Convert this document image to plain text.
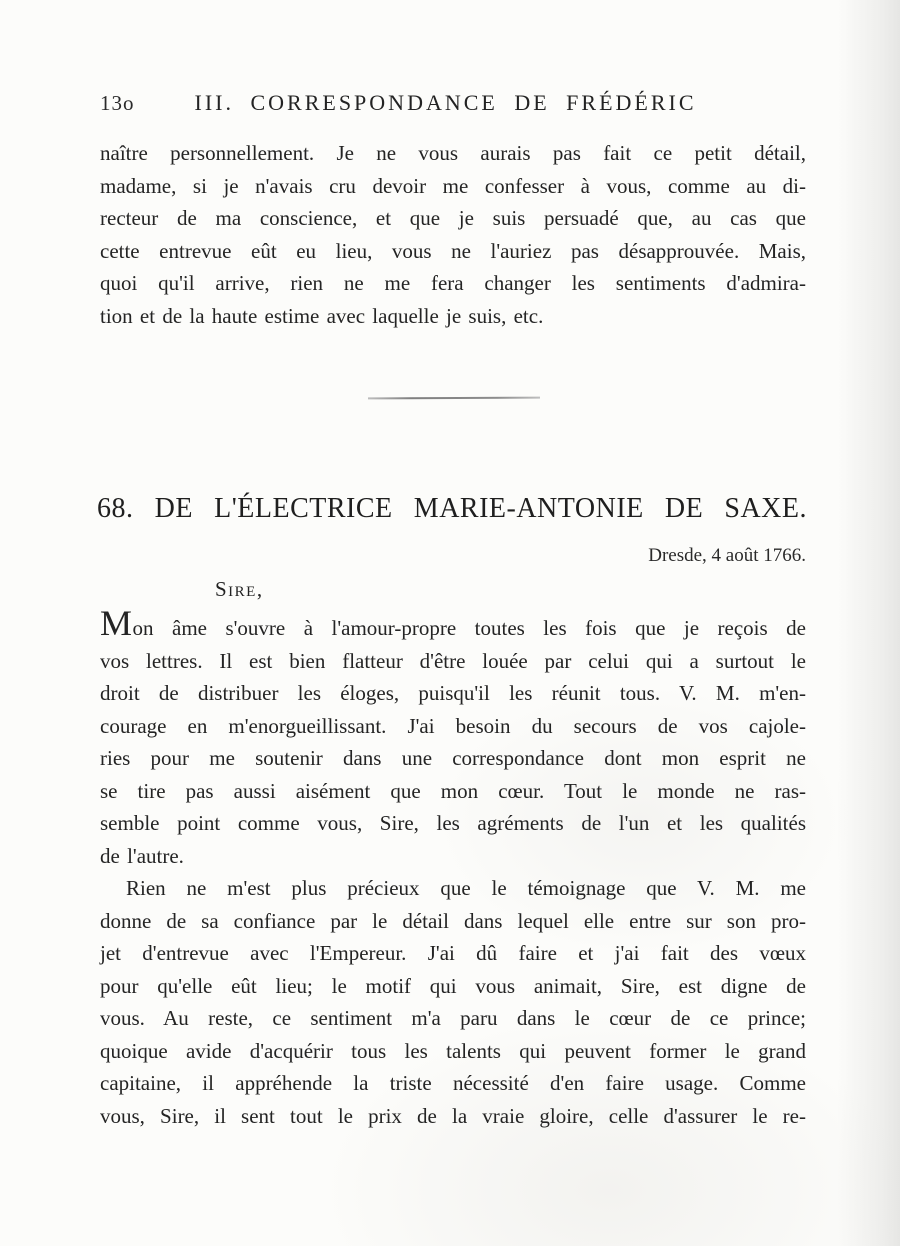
13o	III. CORRESPONDANCE DE FRÉDÉRIC
naître personnellement. Je ne vous aurais pas fait ce petit détail,
madame, si je n'avais cru devoir me confesser à vous, comme au di-
recteur de ma conscience, et que je suis persuadé que, au cas que
cette entrevue eût eu lieu, vous ne l'auriez pas désapprouvée. Mais,
quoi qu'il arrive, rien ne me fera changer les sentiments d'admira-
tion et de la haute estime avec laquelle je suis, etc.
68. DE L'ÉLECTRICE MARIE-ANTONIE DE SAXE.
Dresde, 4 août 1766.
Sire,
Mon âme s'ouvre à l'amour-propre toutes les fois que je reçois de
vos lettres. Il est bien flatteur d'être louée par celui qui a surtout le
droit de distribuer les éloges, puisqu'il les réunit tous. V. M. m'en-
courage en m'enorgueillissant. J'ai besoin du secours de vos cajole-
ries pour me soutenir dans une correspondance dont mon esprit ne
se tire pas aussi aisément que mon cœur. Tout le monde ne ras-
semble point comme vous, Sire, les agréments de l'un et les qualités
de l'autre.
Rien ne m'est plus précieux que le témoignage que V. M. me
donne de sa confiance par le détail dans lequel elle entre sur son pro-
jet d'entrevue avec l'Empereur. J'ai dû faire et j'ai fait des vœux
pour qu'elle eût lieu; le motif qui vous animait, Sire, est digne de
vous. Au reste, ce sentiment m'a paru dans le cœur de ce prince;
quoique avide d'acquérir tous les talents qui peuvent former le grand
capitaine, il appréhende la triste nécessité d'en faire usage. Comme
vous, Sire, il sent tout le prix de la vraie gloire, celle d'assurer le re-
